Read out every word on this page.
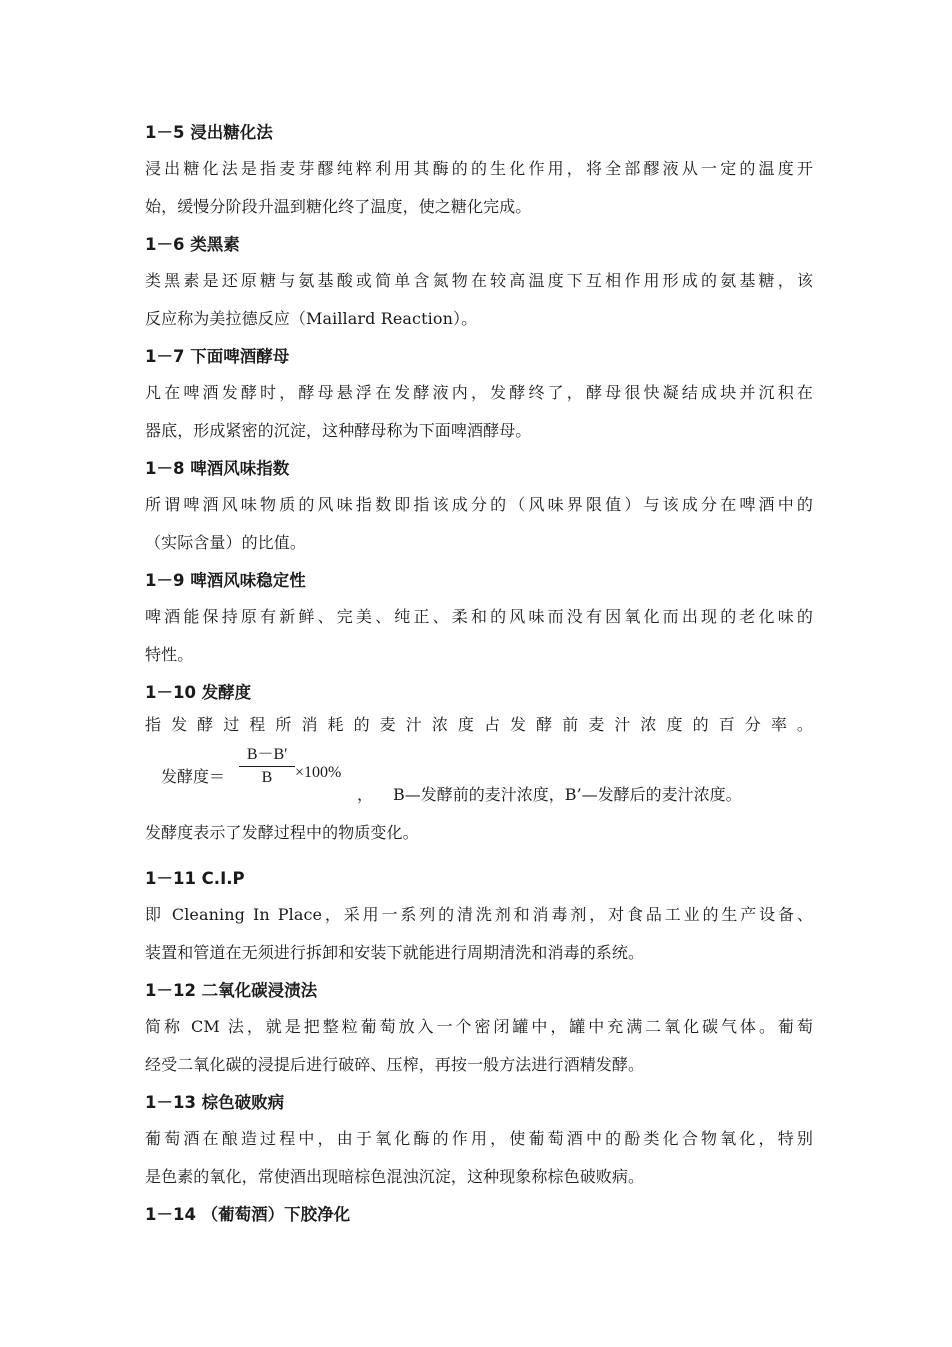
1－5 浸出糖化法
浸出糖化法是指麦芽醪纯粹利用其酶的的生化作用，将全部醪液从一定的温度开
始，缓慢分阶段升温到糖化终了温度，使之糖化完成。
1－6 类黑素
类黑素是还原糖与氨基酸或简单含氮物在较高温度下互相作用形成的氨基糖，该
反应称为美拉德反应（Maillard Reaction）。
1－7 下面啤酒酵母
凡在啤酒发酵时，酵母悬浮在发酵液内，发酵终了，酵母很快凝结成块并沉积在
器底，形成紧密的沉淀，这种酵母称为下面啤酒酵母。
1－8 啤酒风味指数
所谓啤酒风味物质的风味指数即指该成分的（风味界限值）与该成分在啤酒中的
（实际含量）的比值。
1－9 啤酒风味稳定性
啤酒能保持原有新鲜、完美、纯正、柔和的风味而没有因氧化而出现的老化味的
特性。
1－10 发酵度
指发酵过程所消耗的麦汁浓度占发酵前麦汁浓度的百分率。
发酵度＝ $\frac{B-B'}{B} \times 100\%$
， B—发酵前的麦汁浓度，B’—发酵后的麦汁浓度。
发酵度表示了发酵过程中的物质变化。
1－11 C.I.P
即 Cleaning In Place，采用一系列的清洗剂和消毒剂，对食品工业的生产设备、
装置和管道在无须进行拆卸和安装下就能进行周期清洗和消毒的系统。
1－12 二氧化碳浸渍法
简称 CM 法，就是把整粒葡萄放入一个密闭罐中，罐中充满二氧化碳气体。葡萄
经受二氧化碳的浸提后进行破碎、压榨，再按一般方法进行酒精发酵。
1－13 棕色破败病
葡萄酒在酿造过程中，由于氧化酶的作用，使葡萄酒中的酚类化合物氧化，特别
是色素的氧化，常使酒出现暗棕色混浊沉淀，这种现象称棕色破败病。
1－14 （葡萄酒）下胶净化
